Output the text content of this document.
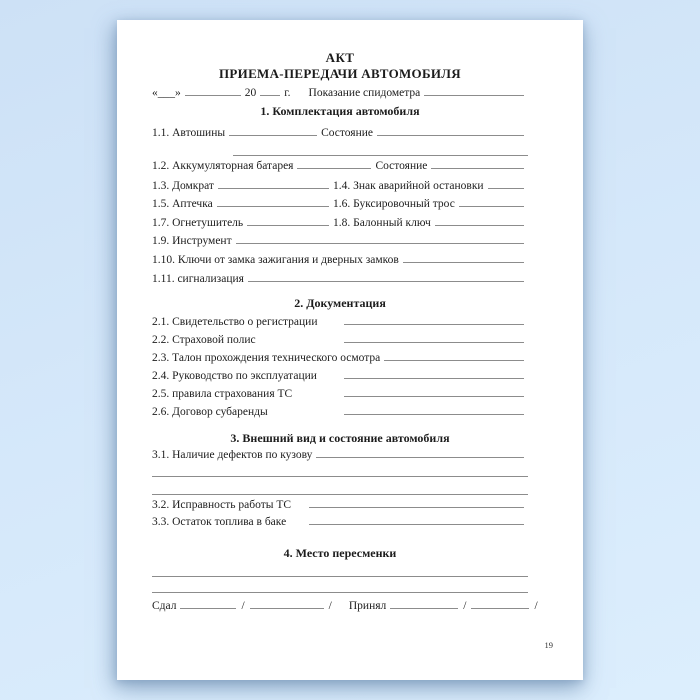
АКТ
ПРИЕМА-ПЕРЕДАЧИ АВТОМОБИЛЯ
«___»	20 г. Показание спидометра
1. Комплектация автомобиля
1.1. Автошины	Состояние
1.2. Аккумуляторная батарея	Состояние
1.3. Домкрат	1.4. Знак аварийной остановки
1.5. Аптечка	1.6. Буксировочный трос
1.7. Огнетушитель	1.8. Балонный ключ
1.9. Инструмент
1.10. Ключи от замка зажигания и дверных замков
1.11. сигнализация
2. Документация
2.1. Свидетельство о регистрации
2.2. Страховой полис
2.3. Талон прохождения технического осмотра
2.4. Руководство по эксплуатации
2.5. правила страхования ТС
2.6. Договор субаренды
3. Внешний вид и состояние автомобиля
3.1. Наличие дефектов по кузову
3.2. Исправность работы ТС
3.3. Остаток топлива в баке
4. Место пересменки
Сдал	/	/ Принял	/	/
19
